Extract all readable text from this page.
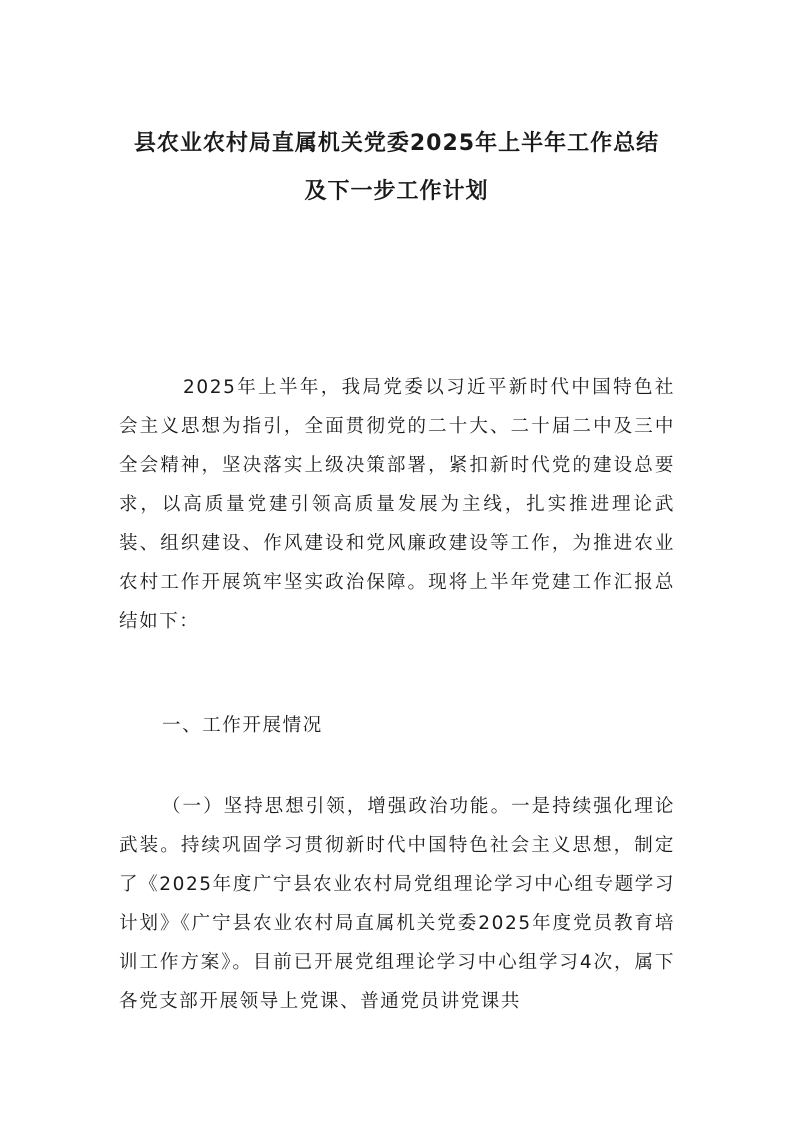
县农业农村局直属机关党委2025年上半年工作总结
及下一步工作计划

2025年上半年，我局党委以习近平新时代中国特色社会主义思想为指引，全面贯彻党的二十大、二十届二中及三中全会精神，坚决落实上级决策部署，紧扣新时代党的建设总要求，以高质量党建引领高质量发展为主线，扎实推进理论武装、组织建设、作风建设和党风廉政建设等工作，为推进农业农村工作开展筑牢坚实政治保障。现将上半年党建工作汇报总结如下：

一、工作开展情况

（一）坚持思想引领，增强政治功能。一是持续强化理论武装。持续巩固学习贯彻新时代中国特色社会主义思想，制定了《2025年度广宁县农业农村局党组理论学习中心组专题学习计划》《广宁县农业农村局直属机关党委2025年度党员教育培训工作方案》。目前已开展党组理论学习中心组学习4次，属下各党支部开展领导上党课、普通党员讲党课共
